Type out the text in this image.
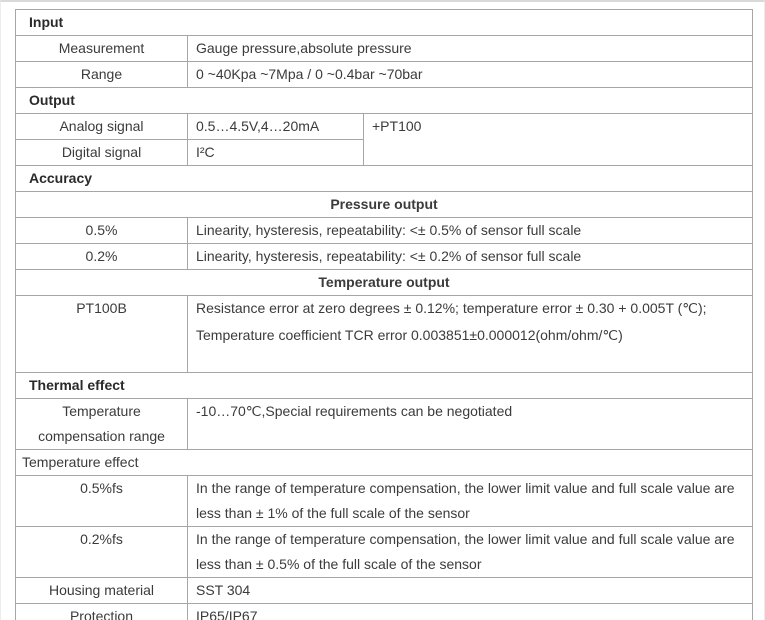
Input		
Measurement	Gauge pressure,absolute pressure	
Range	0 ~40Kpa ~7Mpa / 0 ~0.4bar ~70bar	
Output		
Analog signal	0.5…4.5V,4…20mA	+PT100
Digital signal	I²C	
Accuracy		
Pressure output		
0.5%	Linearity, hysteresis, repeatability: <± 0.5% of sensor full scale	
0.2%	Linearity, hysteresis, repeatability: <± 0.2% of sensor full scale	
Temperature output		
PT100B	Resistance error at zero degrees ± 0.12%; temperature error ± 0.30 + 0.005T (℃);
Temperature coefficient TCR error 0.003851±0.000012(ohm/ohm/℃)	

Thermal effect		
Temperature compensation range	-10…70℃,Special requirements can be negotiated	
Temperature effect		
0.5%fs	In the range of temperature compensation, the lower limit value and full scale value are less than ± 1% of the full scale of the sensor	
0.2%fs	In the range of temperature compensation, the lower limit value and full scale value are less than ± 0.5% of the full scale of the sensor	
Housing material	SST 304	
Protection	IP65/IP67	
